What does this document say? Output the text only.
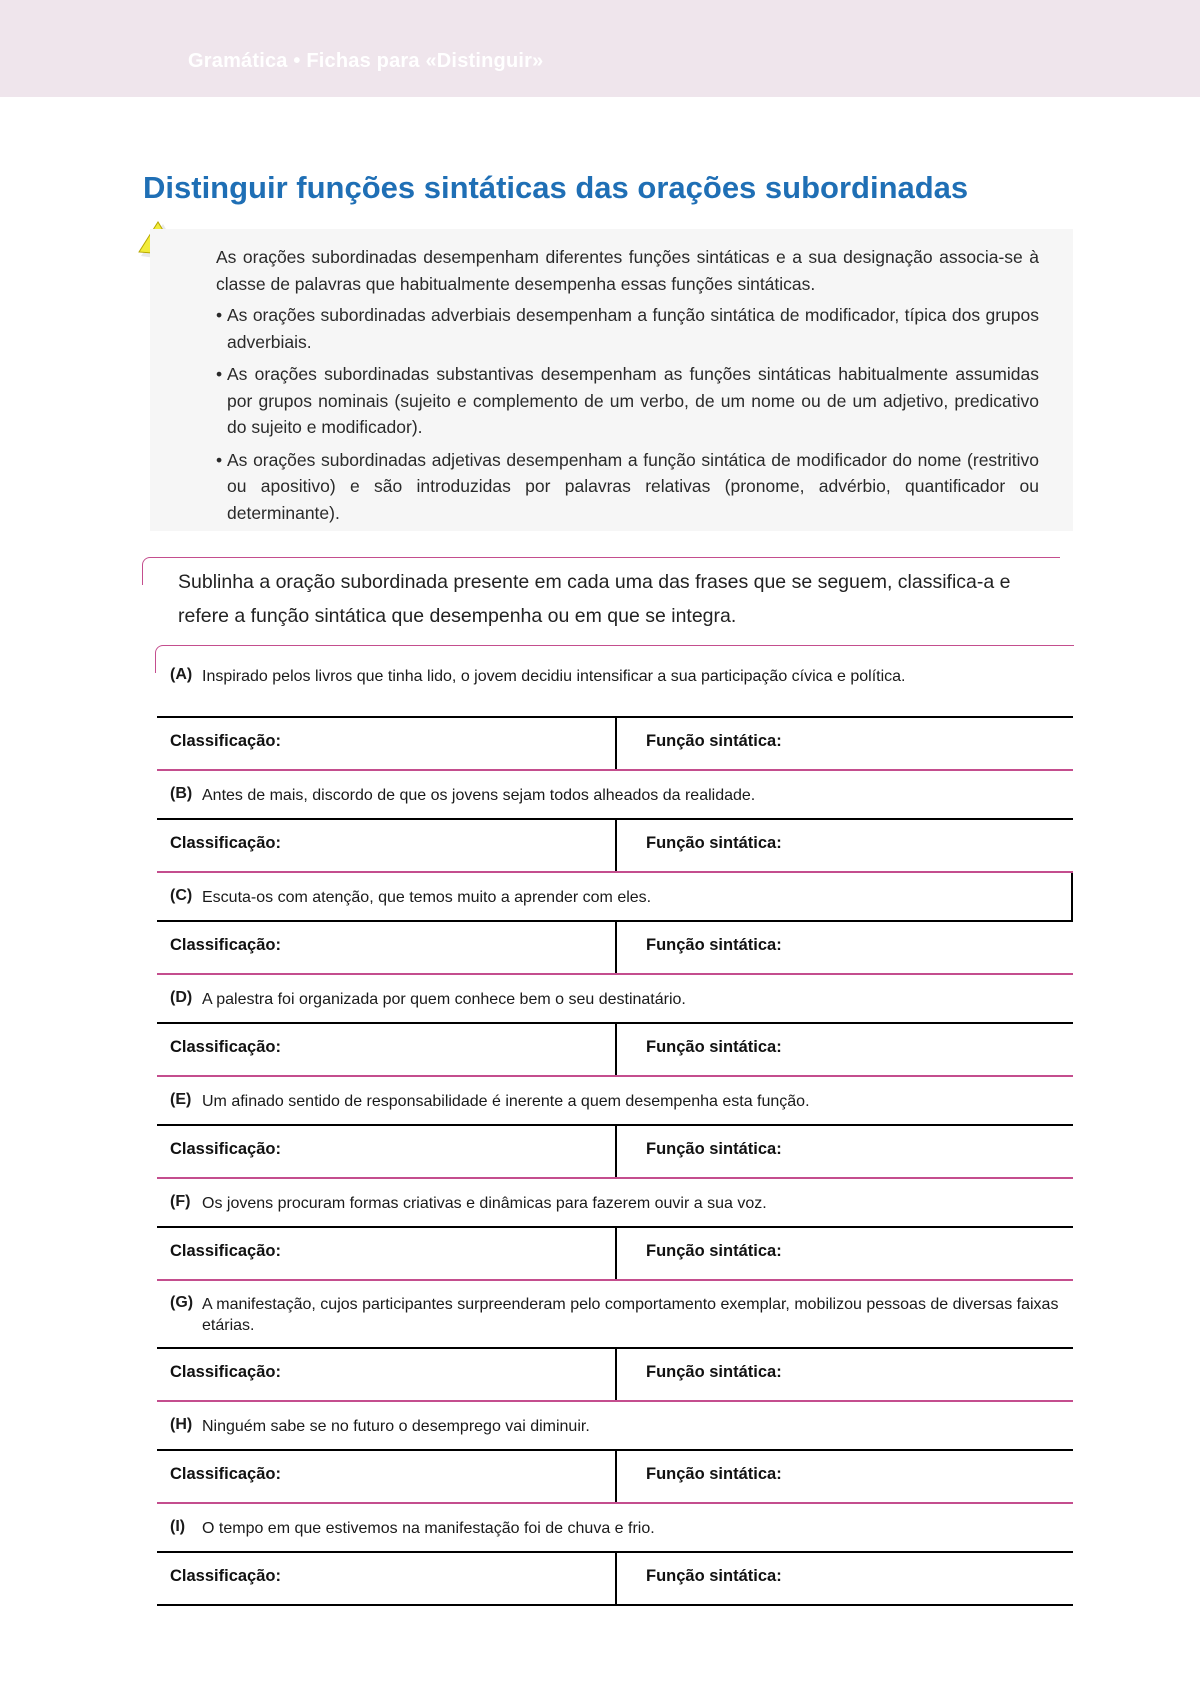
Gramática • Fichas para «Distinguir»
Distinguir funções sintáticas das orações subordinadas

As orações subordinadas desempenham diferentes funções sintáticas e a sua designação associa-se à classe de palavras que habitualmente desempenha essas funções sintáticas.

• As orações subordinadas adverbiais desempenham a função sintática de modificador, típica dos grupos adverbiais.
• As orações subordinadas substantivas desempenham as funções sintáticas habitualmente assumidas por grupos nominais (sujeito e complemento de um verbo, de um nome ou de um adjetivo, predicativo do sujeito e modificador).
• As orações subordinadas adjetivas desempenham a função sintática de modificador do nome (restritivo ou apositivo) e são introduzidas por palavras relativas (pronome, advérbio, quantificador ou determinante).

Sublinha a oração subordinada presente em cada uma das frases que se seguem, classifica-a e refere a função sintática que desempenha ou em que se integra.

(A) Inspirado pelos livros que tinha lido, o jovem decidiu intensificar a sua participação cívica e política.
Classificação:	Função sintática:
(B) Antes de mais, discordo de que os jovens sejam todos alheados da realidade.
Classificação:	Função sintática:
(C) Escuta-os com atenção, que temos muito a aprender com eles.
Classificação:	Função sintática:
(D) A palestra foi organizada por quem conhece bem o seu destinatário.
Classificação:	Função sintática:
(E) Um afinado sentido de responsabilidade é inerente a quem desempenha esta função.
Classificação:	Função sintática:
(F) Os jovens procuram formas criativas e dinâmicas para fazerem ouvir a sua voz.
Classificação:	Função sintática:
(G) A manifestação, cujos participantes surpreenderam pelo comportamento exemplar, mobilizou pessoas de diversas faixas etárias.
Classificação:	Função sintática:
(H) Ninguém sabe se no futuro o desemprego vai diminuir.
Classificação:	Função sintática:
(I)	O tempo em que estivemos na manifestação foi de chuva e frio.
Classificação:	Função sintática:
